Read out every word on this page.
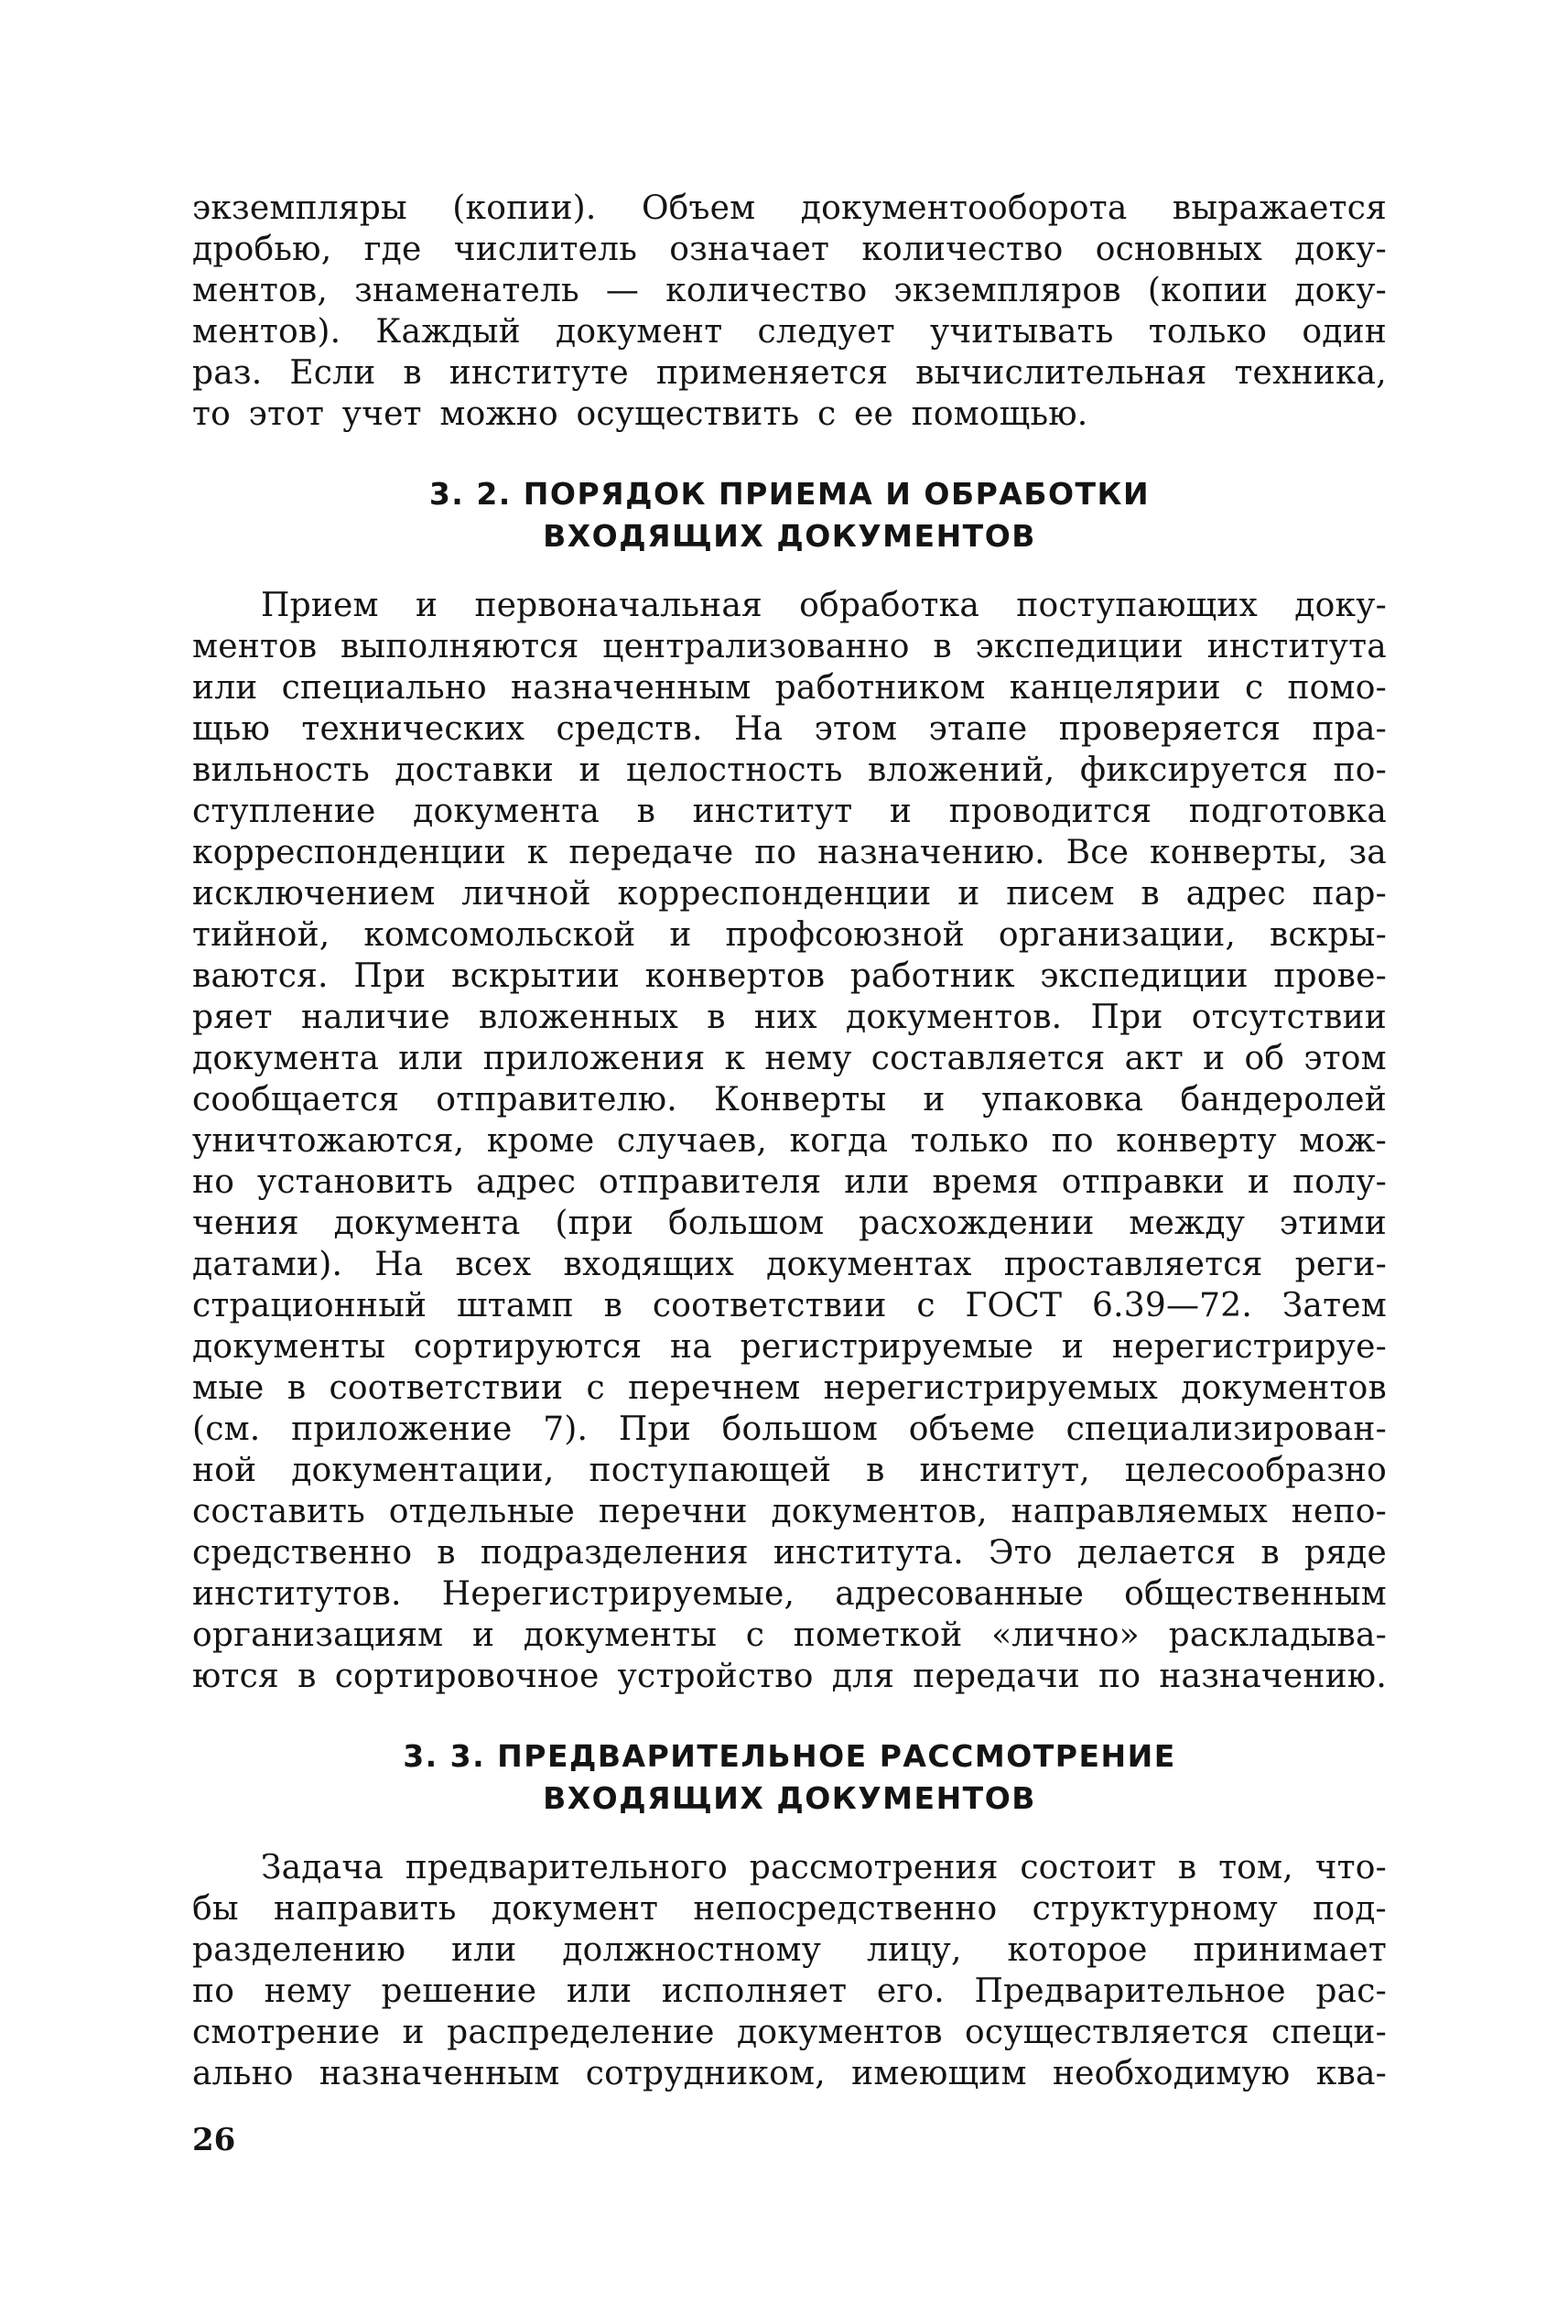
экземпляры (копии). Объем документооборота выражается
дробью, где числитель означает количество основных доку-
ментов, знаменатель — количество экземпляров (копии доку-
ментов). Каждый документ следует учитывать только один
раз. Если в институте применяется вычислительная техника,
то этот учет можно осуществить с ее помощью.
3. 2. ПОРЯДОК ПРИЕМА И ОБРАБОТКИ
ВХОДЯЩИХ ДОКУМЕНТОВ
Прием и первоначальная обработка поступающих доку-
ментов выполняются централизованно в экспедиции института
или специально назначенным работником канцелярии с помо-
щью технических средств. На этом этапе проверяется пра-
вильность доставки и целостность вложений, фиксируется по-
ступление документа в институт и проводится подготовка
корреспонденции к передаче по назначению. Все конверты, за
исключением личной корреспонденции и писем в адрес пар-
тийной, комсомольской и профсоюзной организации, вскры-
ваются. При вскрытии конвертов работник экспедиции прове-
ряет наличие вложенных в них документов. При отсутствии
документа или приложения к нему составляется акт и об этом
сообщается отправителю. Конверты и упаковка бандеролей
уничтожаются, кроме случаев, когда только по конверту мож-
но установить адрес отправителя или время отправки и полу-
чения документа (при большом расхождении между этими
датами). На всех входящих документах проставляется реги-
страционный штамп в соответствии с ГОСТ 6.39—72. Затем
документы сортируются на регистрируемые и нерегистрируе-
мые в соответствии с перечнем нерегистрируемых документов
(см. приложение 7). При большом объеме специализирован-
ной документации, поступающей в институт, целесообразно
составить отдельные перечни документов, направляемых непо-
средственно в подразделения института. Это делается в ряде
институтов. Нерегистрируемые, адресованные общественным
организациям и документы с пометкой «лично» раскладыва-
ются в сортировочное устройство для передачи по назначению.
3. 3. ПРЕДВАРИТЕЛЬНОЕ РАССМОТРЕНИЕ
ВХОДЯЩИХ ДОКУМЕНТОВ
Задача предварительного рассмотрения состоит в том, что-
бы направить документ непосредственно структурному под-
разделению или должностному лицу, которое принимает
по нему решение или исполняет его. Предварительное рас-
смотрение и распределение документов осуществляется специ-
ально назначенным сотрудником, имеющим необходимую ква-
26
